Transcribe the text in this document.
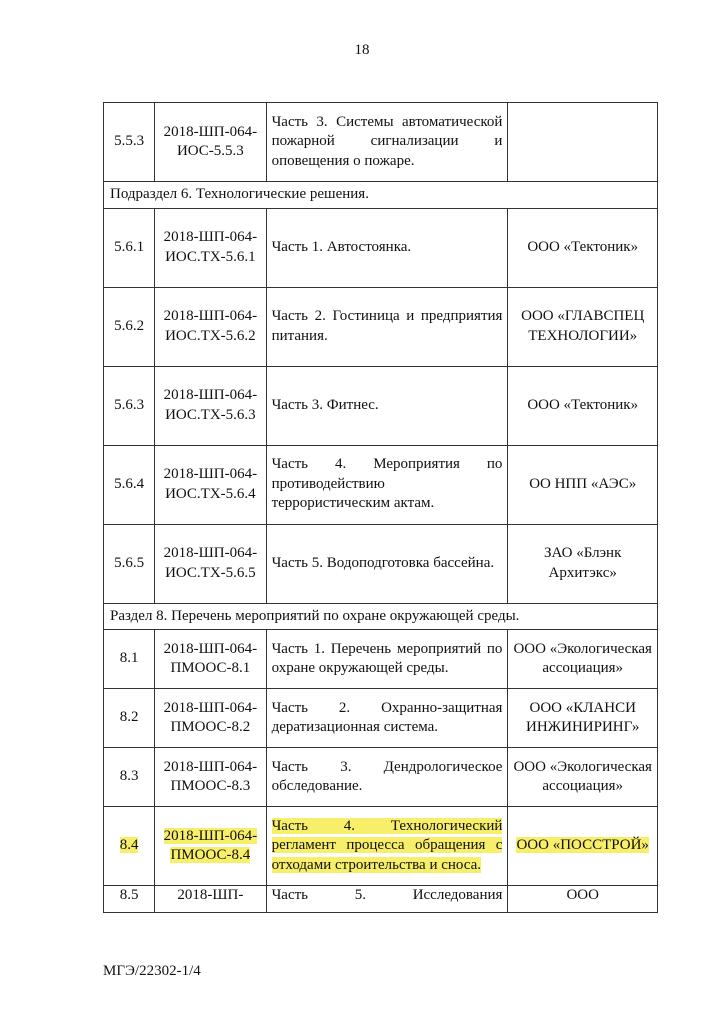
18
5.5.3	2018-ШП-064-ИОС-5.5.3	Часть 3. Системы автоматической пожарной сигнализации и оповещения о пожаре.	
Подраздел 6. Технологические решения.			
5.6.1	2018-ШП-064-ИОС.ТХ-5.6.1	Часть 1. Автостоянка.	ООО «Тектоник»
5.6.2	2018-ШП-064-ИОС.ТХ-5.6.2	Часть 2. Гостиница и предприятия питания.	ООО «ГЛАВСПЕЦ ТЕХНОЛОГИИ»
5.6.3	2018-ШП-064-ИОС.ТХ-5.6.3	Часть 3. Фитнес.	ООО «Тектоник»
5.6.4	2018-ШП-064-ИОС.ТХ-5.6.4	Часть 4. Мероприятия по противодействию террористическим актам.	ОО НПП «АЭС»
5.6.5	2018-ШП-064-ИОС.ТХ-5.6.5	Часть 5. Водоподготовка бассейна.	ЗАО «Блэнк Архитэкс»
Раздел 8. Перечень мероприятий по охране окружающей среды.			
8.1	2018-ШП-064-ПМООС-8.1	Часть 1. Перечень мероприятий по охране окружающей среды.	ООО «Экологическая ассоциация»
8.2	2018-ШП-064-ПМООС-8.2	Часть 2. Охранно-защитная дератизационная система.	ООО «КЛАНСИ ИНЖИНИРИНГ»
8.3	2018-ШП-064-ПМООС-8.3	Часть 3. Дендрологическое обследование.	ООО «Экологическая ассоциация»
8.4	2018-ШП-064-ПМООС-8.4	Часть 4. Технологический регламент процесса обращения с отходами строительства и сноса.	ООО «ПОССТРОЙ»
8.5	2018-ШП-	Часть 5. Исследования	ООО
МГЭ/22302-1/4
